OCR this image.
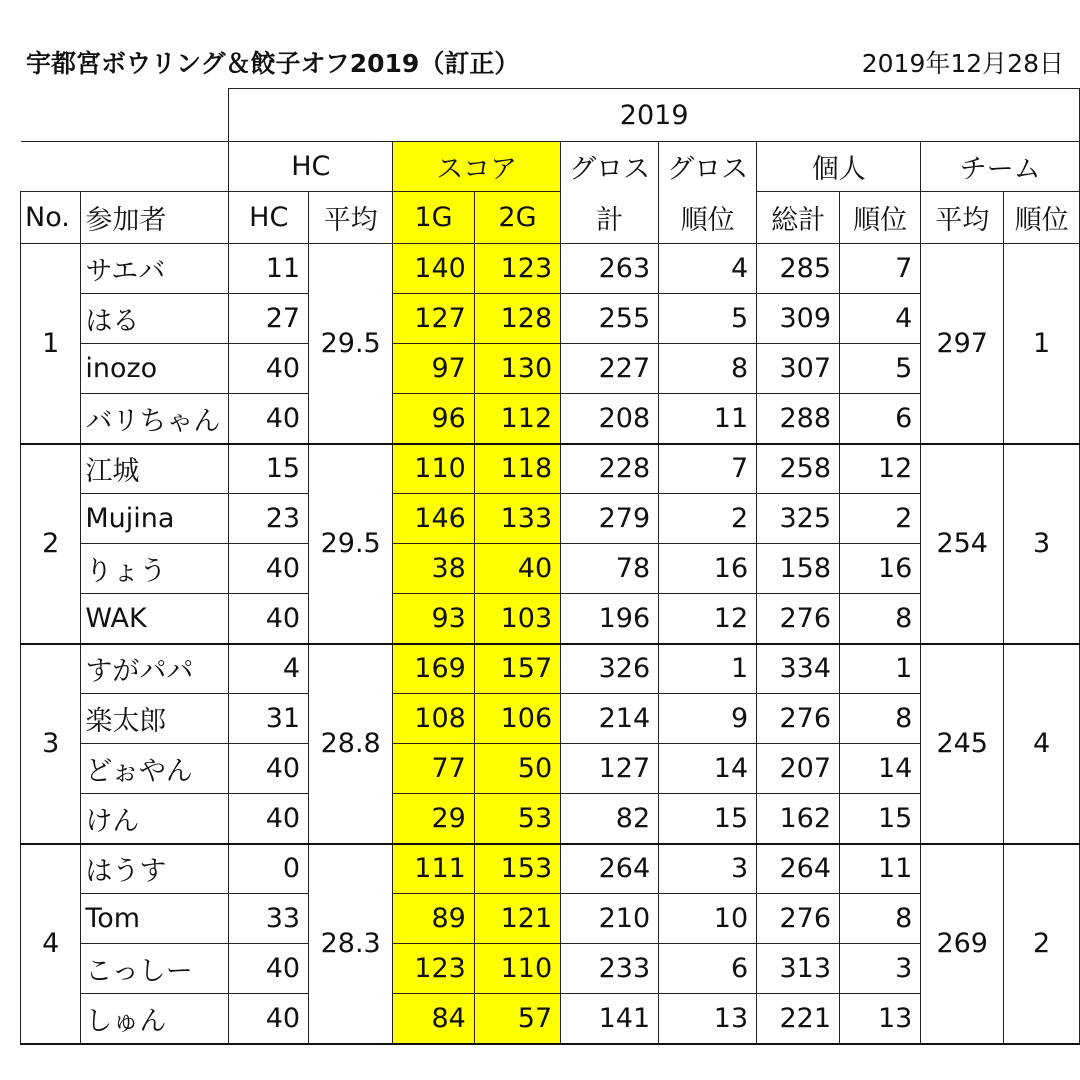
宇都宮ボウリング＆餃子オフ2019（訂正）	2019年12月28日
		2019									
		HC		スコア		グロス	グロス	個人		チーム	
No.	参加者	HC	平均	1G	2G	計	順位	総計	順位	平均	順位
1	サエバ	11	29.5	140	123	263	4	285	7	297	1
	はる	27		127	128	255	5	309	4		
	inozo	40		97	130	227	8	307	5		
	バリちゃん	40		96	112	208	11	288	6		
2	江城	15	29.5	110	118	228	7	258	12	254	3
	Mujina	23		146	133	279	2	325	2		
	りょう	40		38	40	78	16	158	16		
	WAK	40		93	103	196	12	276	8		
3	すがパパ	4	28.8	169	157	326	1	334	1	245	4
	楽太郎	31		108	106	214	9	276	8		
	どぉやん	40		77	50	127	14	207	14		
	けん	40		29	53	82	15	162	15		
4	はうす	0	28.3	111	153	264	3	264	11	269	2
	Tom	33		89	121	210	10	276	8		
	こっしー	40		123	110	233	6	313	3		
	しゅん	40		84	57	141	13	221	13		
